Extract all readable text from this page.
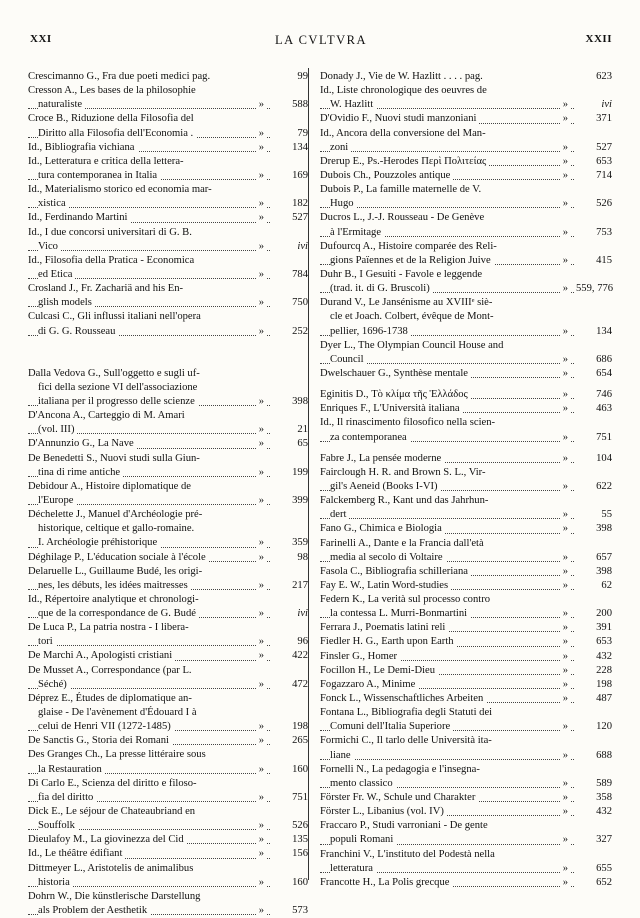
XXI	LA CVLTVRA	XXII
Crescimanno G., Fra due poeti medici pag.	99
Cresson A., Les bases de la philosophie
naturaliste	»	588
Croce B., Riduzione della Filosofia del
Diritto alla Filosofia dell'Economia .	»	79
Id., Bibliografia vichiana	»	134
Id., Letteratura e critica della lettera-
tura contemporanea in Italia	»	169
Id., Materialismo storico ed economia mar-
xistica	»	182
Id., Ferdinando Martini	»	527
Id., I due concorsi universitari di G. B.
Vico	»	ivi
Id., Filosofia della Pratica - Economica
ed Etica	»	784
Crosland J., Fr. Zachariä and his En-
glish models	»	750
Culcasi C., Gli influssi italiani nell'opera
di G. G. Rousseau	»	252
Dalla Vedova G., Sull'oggetto e sugli uf-
fici della sezione VI dell'associazione
italiana per il progresso delle scienze	»	398
D'Ancona A., Carteggio di M. Amari
(vol. III)	»	21
D'Annunzio G., La Nave	»	65
De Benedetti S., Nuovi studi sulla Giun-
tina di rime antiche	»	199
Debidour A., Histoire diplomatique de
l'Europe	»	399
Déchelette J., Manuel d'Archéologie pré-
historique, celtique et gallo-romaine.
I. Archéologie préhistorique	»	359
Déghilage P., L'éducation sociale à l'école	»	98
Delaruelle L., Guillaume Budé, les origi-
nes, les débuts, les idées maitresses	»	217
Id., Répertoire analytique et chronologi-
que de la correspondance de G. Budé	»	ivi
De Luca P., La patria nostra - I libera-
tori	»	96
De Marchi A., Apologisti cristiani	»	422
De Musset A., Correspondance (par L.
Séché)	»	472
Déprez E., Études de diplomatique an-
glaise - De l'avènement d'Édouard I à
celui de Henri VII (1272-1485)	»	198
De Sanctis G., Storia dei Romani	»	265
Des Granges Ch., La presse littéraire sous
la Restauration	»	160
Di Carlo E., Scienza del diritto e filoso-
fia del diritto	»	751
Dick E., Le séjour de Chateaubriand en
Souffolk	»	526
Dieulafoy M., La giovinezza del Cid	»	135
Id., Le théâtre édifiant	»	156
Dittmeyer L., Aristotelis de animalibus
historia	»	160
Dohrn W., Die künstlerische Darstellung
als Problem der Aesthetik	»	573
Donady J., Vie de W. Hazlitt . . . . pag.	623
Id., Liste chronologique des oeuvres de
W. Hazlitt	»	ivi
D'Ovidio F., Nuovi studi manzoniani	»	371
Id., Ancora della conversione del Man-
zoni	»	527
Drerup E., Ps.-Herodes Περὶ Πολιτείας	»	653
Dubois Ch., Pouzzoles antique	»	714
Dubois P., La famille maternelle de V.
Hugo	»	526
Ducros L., J.-J. Rousseau - De Genève
à l'Ermitage	»	753
Dufourcq A., Histoire comparée des Reli-
gions Païennes et de la Religion Juive	»	415
Duhr B., I Gesuiti - Favole e leggende
(trad. it. di G. Bruscoli)	» 559, 776
Durand V., Le Jansénisme au XVIIIᵉ siè-
cle et Joach. Colbert, évêque de Mont-
pellier, 1696-1738	»	134
Dyer L., The Olympian Council House and
Council	»	686
Dwelschauer G., Synthèse mentale	»	654
Eginitis D., Τὸ κλίμα τῆς Ἑλλάδος	»	746
Enriques F., L'Università italiana	»	463
Id., Il rinascimento filosofico nella scien-
za contemporanea	»	751
Fabre J., La pensée moderne	»	104
Fairclough H. R. and Brown S. L., Vir-
gil's Aeneid (Books I-VI)	»	622
Falckemberg R., Kant und das Jahrhun-
dert	»	55
Fano G., Chimica e Biologia	»	398
Farinelli A., Dante e la Francia dall'età
media al secolo di Voltaire	»	657
Fasola C., Bibliografia schilleriana	»	398
Fay E. W., Latin Word-studies	»	62
Federn K., La verità sul processo contro
la contessa L. Murri-Bonmartini	»	200
Ferrara J., Poematis latini reli	»	391
Fiedler H. G., Earth upon Earth	»	653
Finsler G., Homer	»	432
Focillon H., Le Demi-Dieu	»	228
Fogazzaro A., Minime	»	198
Fonck L., Wissenschaftliches Arbeiten	»	487
Fontana L., Bibliografia degli Statuti dei
Comuni dell'Italia Superiore	»	120
Formichi C., Il tarlo delle Università ita-
liane	»	688
Fornelli N., La pedagogia e l'insegna-
mento classico	»	589
Förster Fr. W., Schule und Charakter	»	358
Förster L., Libanius (vol. IV)	»	432
Fraccaro P., Studi varroniani - De gente
populi Romani	»	327
Franchini V., L'instituto del Podestà nella
letteratura	»	655
Francotte H., La Polis grecque	»	652
